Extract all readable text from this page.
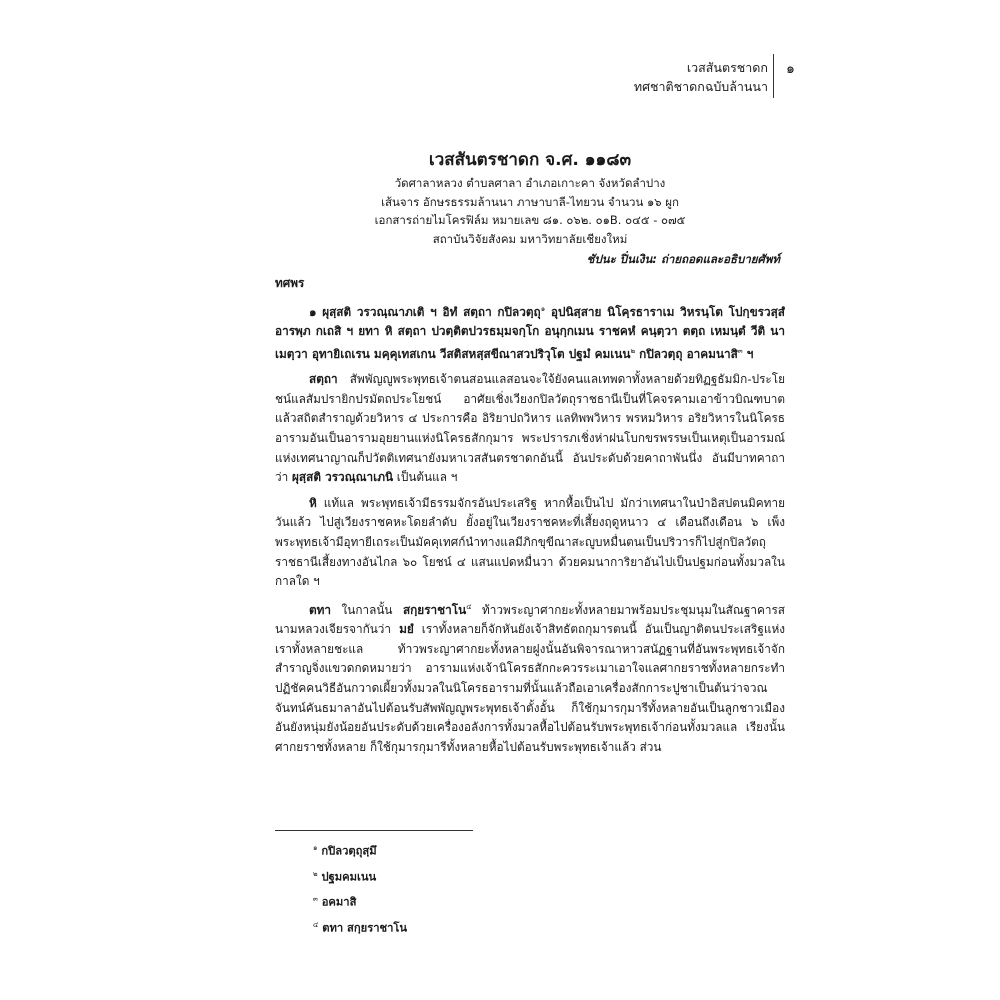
เวสสันตรชาดก
ทศชาติชาดกฉบับล้านนา
๑
เวสสันตรชาดก จ.ศ. ๑๑๘๓
วัดศาลาหลวง ตำบลศาลา อำเภอเกาะคา จังหวัดลำปาง
เส้นจาร อักษรธรรมล้านนา ภาษาบาลี-ไทยวน จำนวน ๑๖ ผูก
เอกสารถ่ายไมโครฟิล์ม หมายเลข ๘๑. ๐๖๒. ๐๑B. ๐๔๕ - ๐๗๕
สถาบันวิจัยสังคม มหาวิทยาลัยเชียงใหม่
ชัปนะ ปิ่นเงิน: ถ่ายถอดและอธิบายศัพท์

ทศพร

๑ ผุสฺสติ วรวณฺณาภเติ ฯ อิทํ สตฺถา กปิลวตฺถุ$^๑$ อุปนิสฺสาย นิโคฺรธาราเม วิหรนฺโต โปกฺขรวสฺสํ อารพฺภ กเถสิ ฯ ยทา หิ สตฺถา ปวตฺติตปวรธมฺมจกฺโก อนุกฺกเมน ราชคหํ คนฺตฺวา ตตฺถ เหมนฺตํ วีติ นาเมตฺวา อุทายิเถเรน มคฺคุเทสเกน วีสติสหสฺสขีณาสวปริวุโต ปฐมํ คมเนน$^๒$ กปิลวตฺถุ อาคมนาสิ$^๓$ ฯ

สตฺถา สัพพัญญูพระพุทธเจ้าตนสอนแลสอนจะใจ้ยังคนแลเทพดาทั้งหลายด้วยทิฏฐธัมมิก-ประโยชน์แลสัมปรายิกปรมัตถประโยชน์ อาศัยเชิ่งเวียงกปิลวัตถุราชธานีเป็นที่โคจรคามเอาข้าวบิณฑบาตแล้วสถิตสำราญด้วยวิหาร ๔ ประการคือ อิริยาปถวิหาร แลทิพพวิหาร พรหมวิหาร อริยวิหารในนิโครธอารามอันเป็นอารามอุยยานแห่งนิโครธสักกุมาร พระปรารภเชิ่งห่าฝนโบกขรพรรษเป็นเหตุเป็นอารมณ์แห่งเทศนาญาณก็ปวัตติเทศนายังมหาเวสสันตรชาดกอันนี้ อันประดับด้วยคาถาพันนึ่ง อันมีบาทคาถาว่า ผุสฺสติ วรวณฺณาเภนิ เป็นต้นแล ฯ

หิ แท้แล พระพุทธเจ้ามีธรรมจักรอันประเสริฐ หากหื้อเป็นไป มักว่าเทศนาในป่าอิสปตนมิคทายวันแล้ว ไปสู่เวียงราชคหะโดยลำดับ ยั้งอยู่ในเวียงราชคหะที่เสี้ยงฤดูหนาว ๔ เดือนถึงเดือน ๖ เพ็ง พระพุทธเจ้ามีอุทายีเถระเป็นมัคคุเทศก์นำทางแลมีภิกขุขีณาสะญูบหมื่นตนเป็นปริวารก็ไปสู่กปิลวัตถุราชธานีเสี้ยงทางอันไกล ๖๐ โยชน์ ๔ แสนแปดหมื่นวา ด้วยคมนาการิยาอันไปเป็นปฐมก่อนทั้งมวลในกาลใด ฯ

ตทา ในกาลนั้น สกฺยราชาโน$^๔$ ท้าวพระญาศากยะทั้งหลายมาพร้อมประชุมนุมในสัณฐาคารสนามหลวงเจียรจากันว่า มยํ เราทั้งหลายก็จักหันยังเจ้าสิทธัตถกุมารตนนี้ อันเป็นญาติตนประเสริฐแห่งเราทั้งหลายชะแล ท้าวพระญาศากยะทั้งหลายฝูงนั้นอันพิจารณาหาวสนัฏฐานที่อันพระพุทธเจ้าจักสำราญจิ่งแขวดกดหมายว่า อารามแห่งเจ้านิโครธสักกะควรระเมาเอาใจแลศากยราชทั้งหลายกระทำปฏิชัคคนวิธีอันกวาดเผี้ยวทั้งมวลในนิโครธอารามที่นั้นแล้วถือเอาเครื่องสักการะปูชาเป็นต้นว่าจวณจันทน์คันธมาลาอันไปต้อนรับสัพพัญญูพระพุทธเจ้าตั้งอั้น ก็ใช้กุมารกุมารีทั้งหลายอันเป็นลูกชาวเมืองอันยังหนุ่มยังน้อยอันประดับด้วยเครื่องอลังการทั้งมวลหื้อไปต้อนรับพระพุทธเจ้าก่อนทั้งมวลแล เรียงนั้นศากยราชทั้งหลาย ก็ใช้กุมารกุมารีทั้งหลายหื้อไปต้อนรับพระพุทธเจ้าแล้ว ส่วน

$^๑$ กปิลวตฺถุสฺมึ
$^๒$ ปฐมคมเนน
$^๓$ อคมาสิ
$^๔$ ตทา สกฺยราชาโน
